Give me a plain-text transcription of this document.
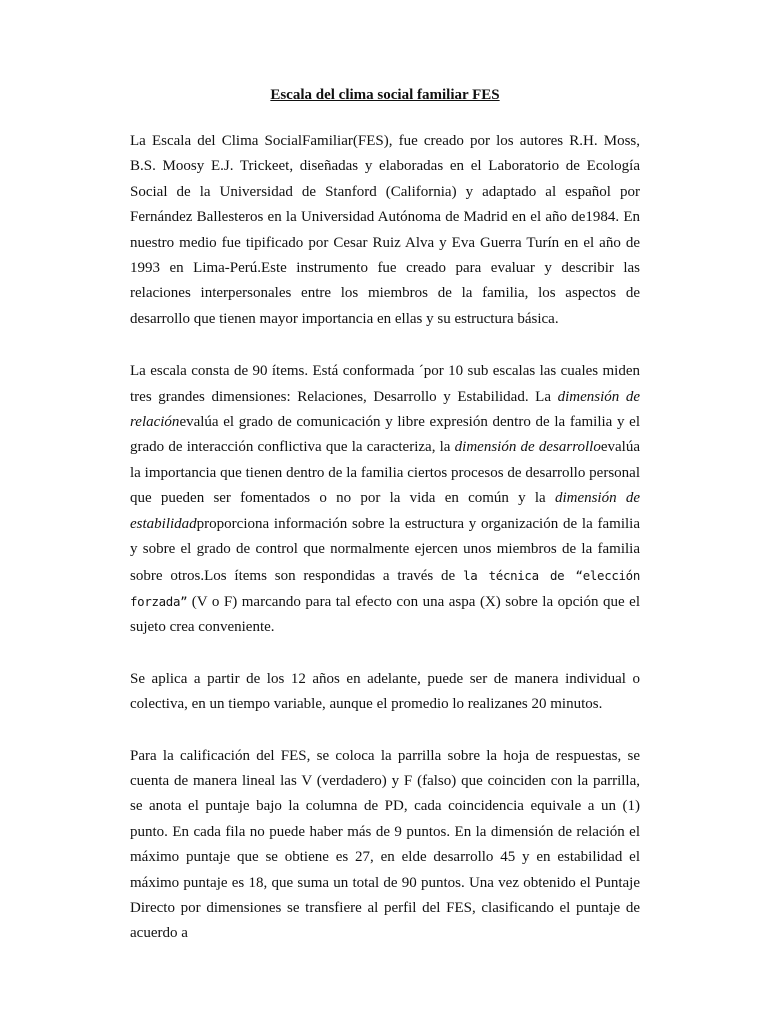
Escala del clima social familiar FES

La Escala del Clima SocialFamiliar(FES), fue creado por los autores R.H. Moss, B.S. Moosy E.J. Trickeet, diseñadas y elaboradas en el Laboratorio de Ecología Social de la Universidad de Stanford (California) y adaptado al español por Fernández Ballesteros en la Universidad Autónoma de Madrid en el año de1984. En nuestro medio fue tipificado por Cesar Ruiz Alva y Eva Guerra Turín en el año de 1993 en Lima-Perú.Este instrumento fue creado para evaluar y describir las relaciones interpersonales entre los miembros de la familia, los aspectos de desarrollo que tienen mayor importancia en ellas y su estructura básica.

La escala consta de 90 ítems. Está conformada ´por 10 sub escalas las cuales miden tres grandes dimensiones: Relaciones, Desarrollo y Estabilidad. La dimensión de relaciónevalúa el grado de comunicación y libre expresión dentro de la familia y el grado de interacción conflictiva que la caracteriza, la dimensión de desarrolloevalúa la importancia que tienen dentro de la familia ciertos procesos de desarrollo personal que pueden ser fomentados o no por la vida en común y la dimensión de estabilidadproporciona información sobre la estructura y organización de la familia y sobre el grado de control que normalmente ejercen unos miembros de la familia sobre otros.Los ítems son respondidas a través de la técnica de “elección forzada” (V o F) marcando para tal efecto con una aspa (X) sobre la opción que el sujeto crea conveniente.

Se aplica a partir de los 12 años en adelante, puede ser de manera individual o colectiva, en un tiempo variable, aunque el promedio lo realizanes 20 minutos.

Para la calificación del FES, se coloca la parrilla sobre la hoja de respuestas, se cuenta de manera lineal las V (verdadero) y F (falso) que coinciden con la parrilla, se anota el puntaje bajo la columna de PD, cada coincidencia equivale a un (1) punto. En cada fila no puede haber más de 9 puntos. En la dimensión de relación el máximo puntaje que se obtiene es 27, en elde desarrollo 45 y en estabilidad el máximo puntaje es 18, que suma un total de 90 puntos. Una vez obtenido el Puntaje Directo por dimensiones se transfiere al perfil del FES, clasificando el puntaje de acuerdo a
